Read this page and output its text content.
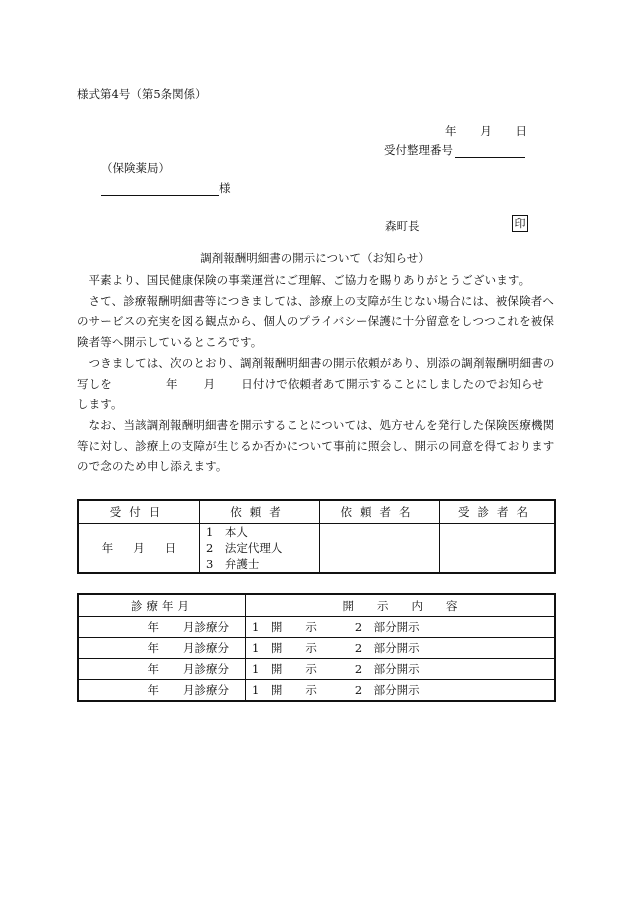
様式第4号（第5条関係）
年 月 日
受付整理番号
（保険薬局）
様
森町長	印
調剤報酬明細書の開示について（お知らせ）

平素より、国民健康保険の事業運営にご理解、ご協力を賜りありがとうございます。

さて、診療報酬明細書等につきましては、診療上の支障が生じない場合には、被保険者へのサービスの充実を図る観点から、個人のプライバシー保護に十分留意をしつつこれを被保険者等へ開示しているところです。

つきましては、次のとおり、調剤報酬明細書の開示依頼があり、別添の調剤報酬明細書の写しを	年 月 日付けで依頼者あて開示することにしましたのでお知らせします。

なお、当該調剤報酬明細書を開示することについては、処方せんを発行した保険医療機関等に対し、診療上の支障が生じるか否かについて事前に照会し、開示の同意を得ておりますので念のため申し添えます。

受付日	依頼者	依頼者名	受診者名
年 月 日	1　本人
2　法定代理人
3　弁護士		

診療年月	開　　示　　内　　容
年 月診療分	1　開　　示 2　部分開示
年 月診療分	1　開　　示 2　部分開示
年 月診療分	1　開　　示 2　部分開示
年 月診療分	1　開　　示 2　部分開示
